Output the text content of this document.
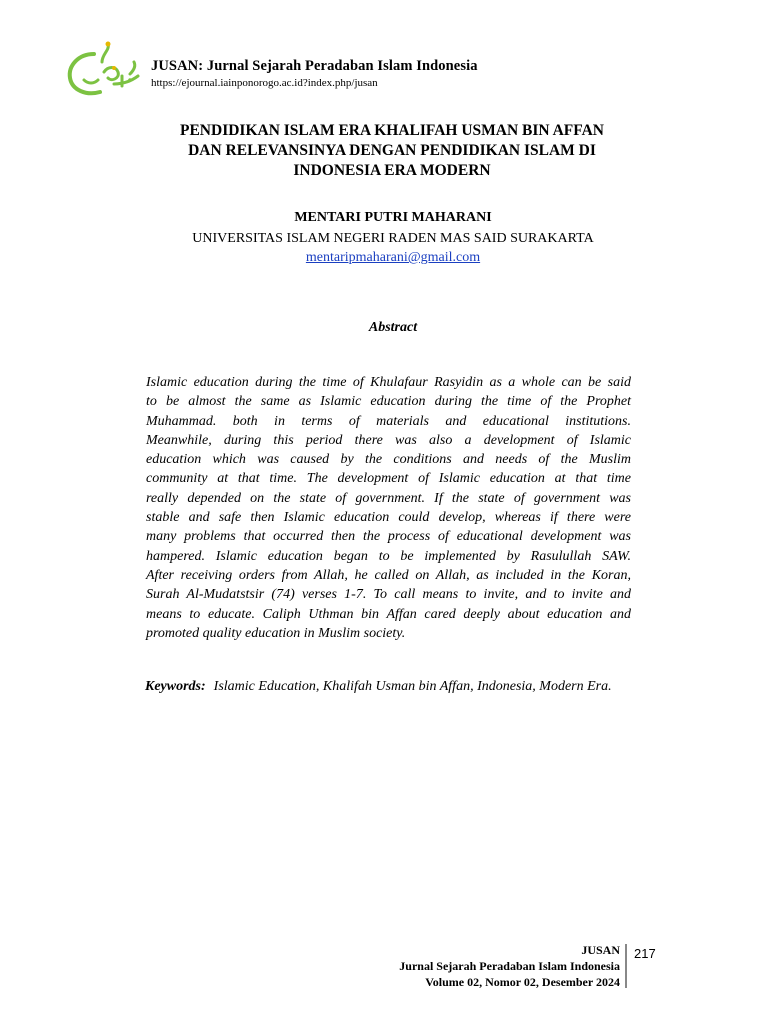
JUSAN: Jurnal Sejarah Peradaban Islam Indonesia
https://ejournal.iainponorogo.ac.id?index.php/jusan
PENDIDIKAN ISLAM ERA KHALIFAH USMAN BIN AFFAN
DAN RELEVANSINYA DENGAN PENDIDIKAN ISLAM DI
INDONESIA ERA MODERN
MENTARI PUTRI MAHARANI
UNIVERSITAS ISLAM NEGERI RADEN MAS SAID SURAKARTA
mentaripmaharani@gmail.com
Abstract
Islamic education during the time of Khulafaur Rasyidin as a whole can be said
to be almost the same as Islamic education during the time of the Prophet
Muhammad. both in terms of materials and educational institutions.
Meanwhile, during this period there was also a development of Islamic
education which was caused by the conditions and needs of the Muslim
community at that time. The development of Islamic education at that time
really depended on the state of government. If the state of government was
stable and safe then Islamic education could develop, whereas if there were
many problems that occurred then the process of educational development was
hampered. Islamic education began to be implemented by Rasulullah SAW.
After receiving orders from Allah, he called on Allah, as included in the Koran,
Surah Al-Mudatstsir (74) verses 1-7. To call means to invite, and to invite and
means to educate. Caliph Uthman bin Affan cared deeply about education and
promoted quality education in Muslim society.
Keywords: Islamic Education, Khalifah Usman bin Affan, Indonesia, Modern Era.
JUSAN
Jurnal Sejarah Peradaban Islam Indonesia
Volume 02, Nomor 02, Desember 2024
217
